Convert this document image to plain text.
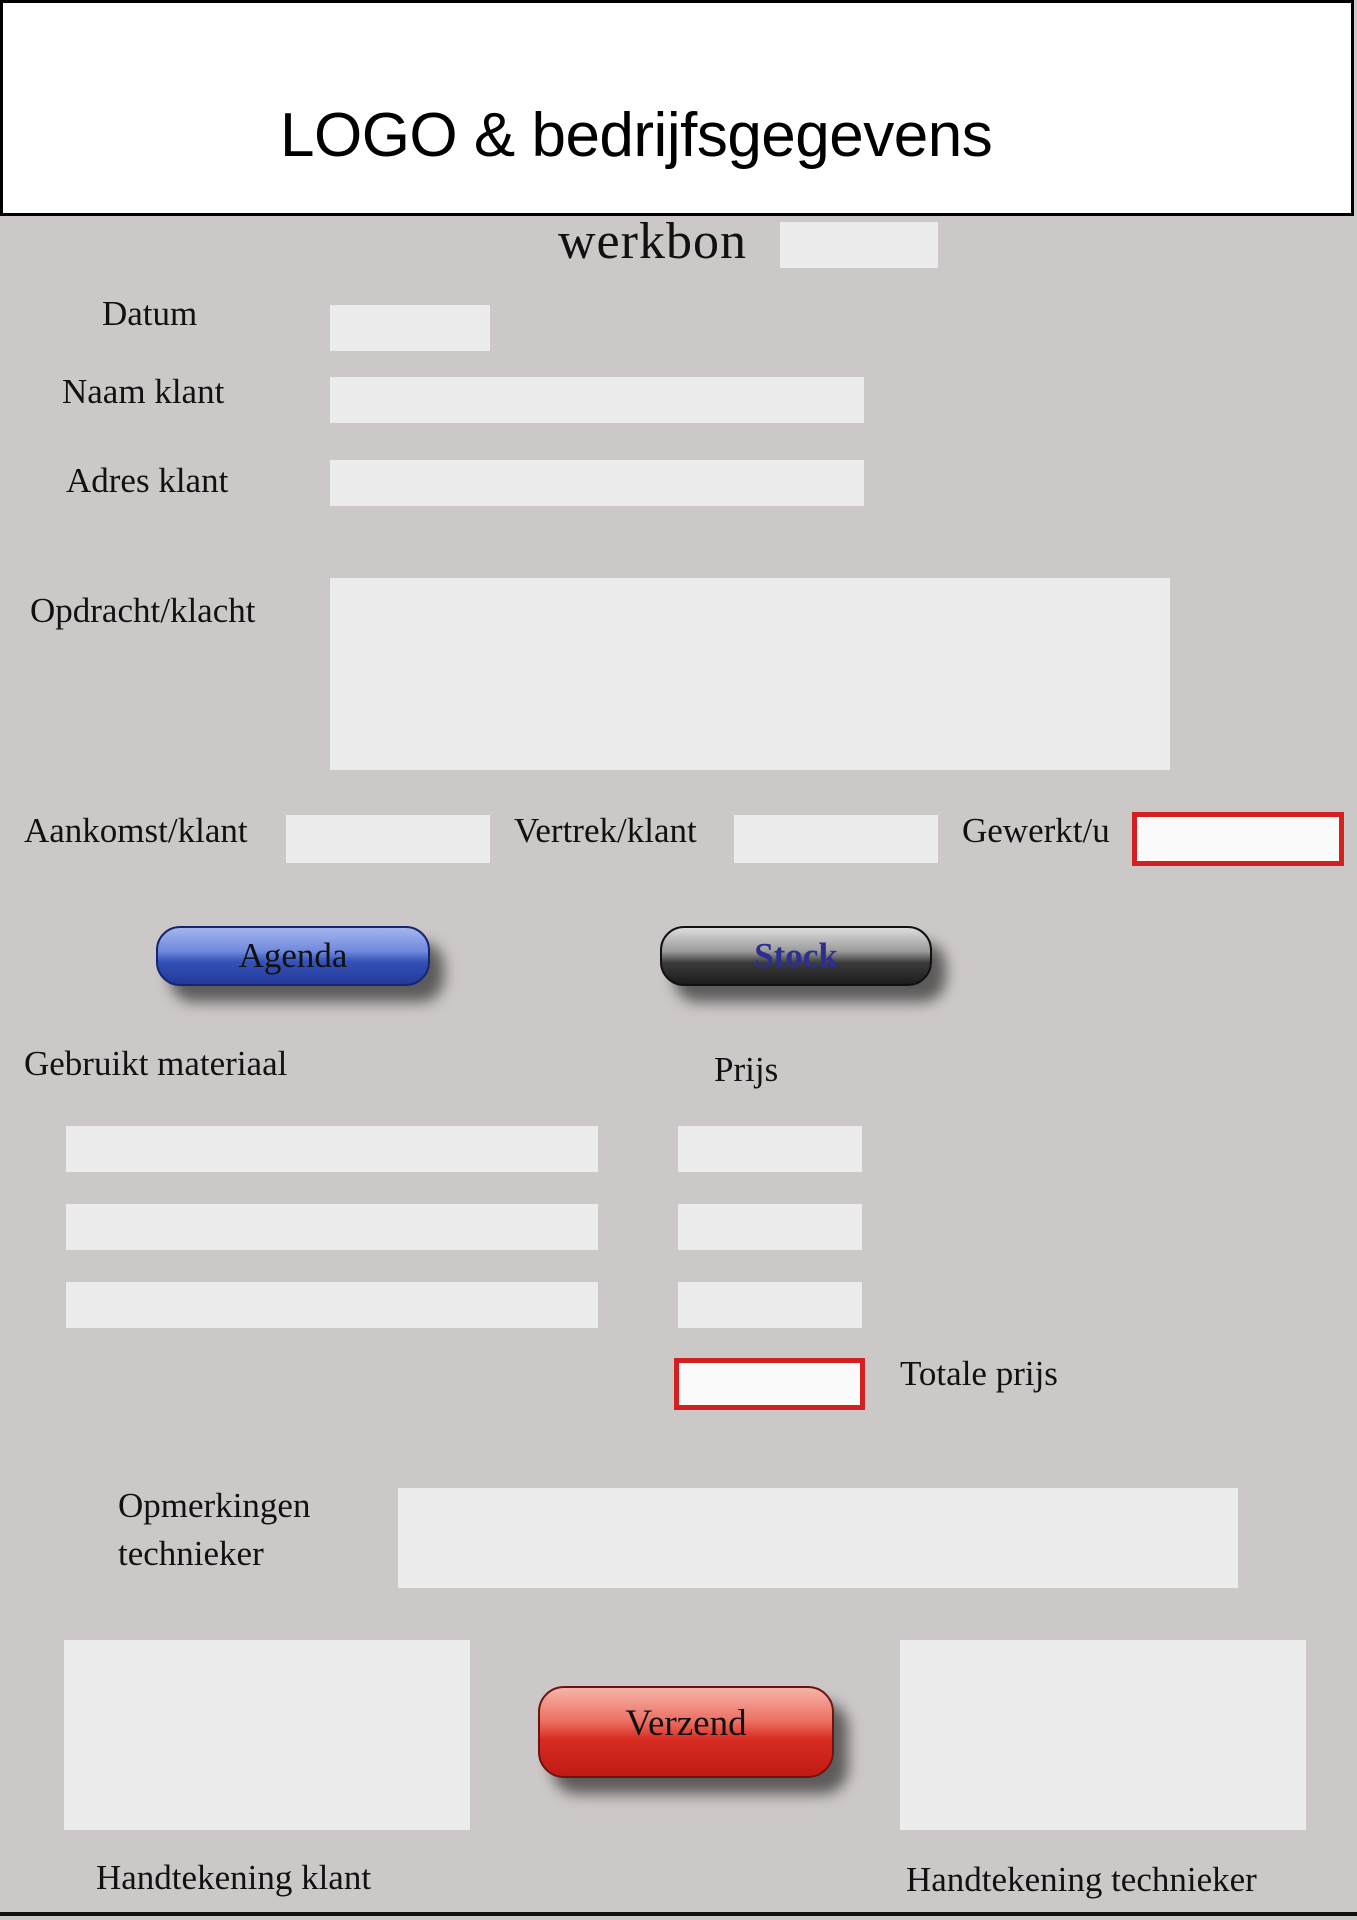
LOGO & bedrijfsgegevens
werkbon
Datum
Naam klant
Adres klant
Opdracht/klacht
Aankomst/klant	Vertrek/klant	Gewerkt/u
Agenda	Stock
Gebruikt materiaal	Prijs
Totale prijs
Opmerkingen
technieker
Verzend
Handtekening klant	Handtekening technieker
